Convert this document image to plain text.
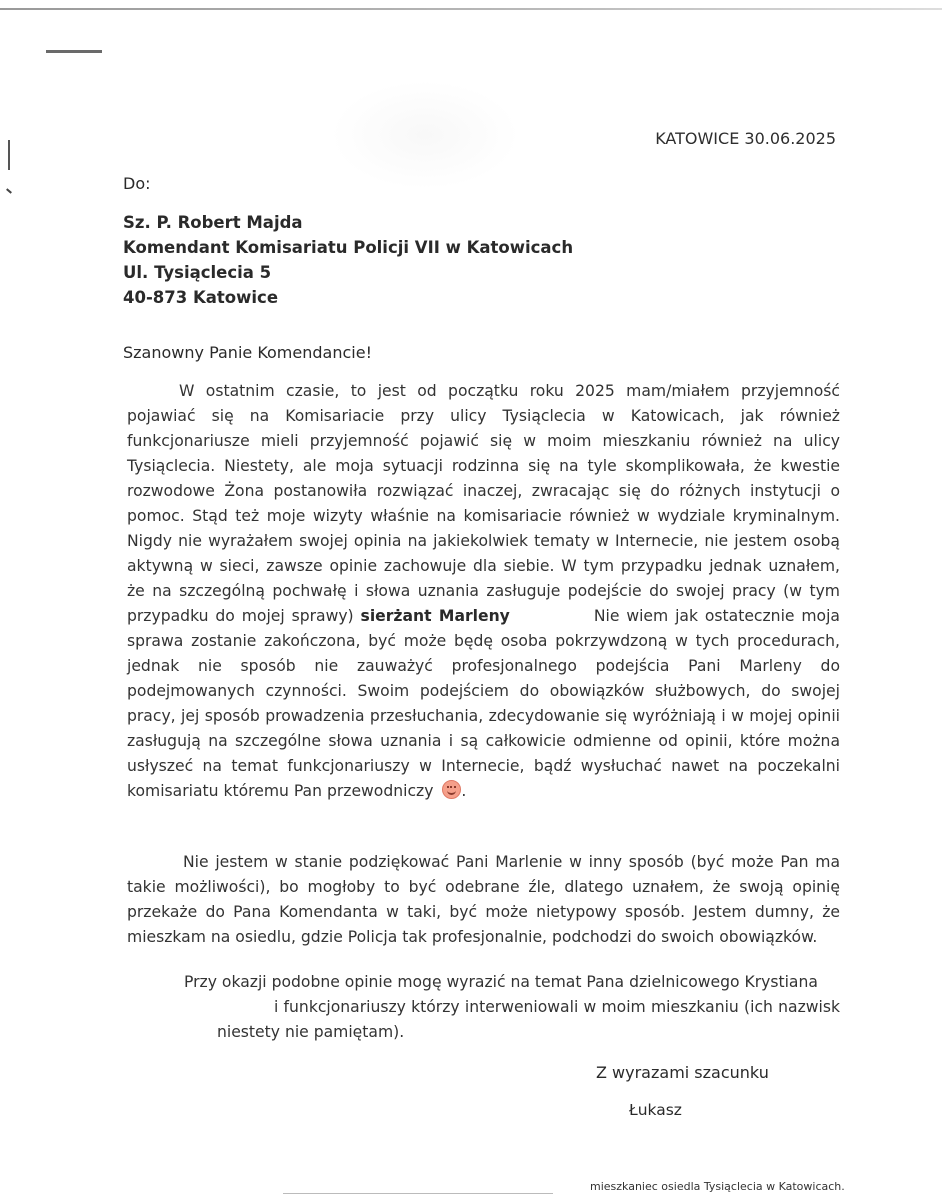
KATOWICE 30.06.2025
Do:
Sz. P. Robert Majda
Komendant Komisariatu Policji VII w Katowicach
Ul. Tysiąclecia 5
40-873 Katowice
Szanowny Panie Komendancie!
W ostatnim czasie, to jest od początku roku 2025 mam/miałem przyjemność pojawiać się na Komisariacie przy ulicy Tysiąclecia w Katowicach, jak również funkcjonariusze mieli przyjemność pojawić się w moim mieszkaniu również na ulicy Tysiąclecia. Niestety, ale moja sytuacji rodzinna się na tyle skomplikowała, że kwestie rozwodowe Żona postanowiła rozwiązać inaczej, zwracając się do różnych instytucji o pomoc. Stąd też moje wizyty właśnie na komisariacie również w wydziale kryminalnym. Nigdy nie wyrażałem swojej opinia na jakiekolwiek tematy w Internecie, nie jestem osobą aktywną w sieci, zawsze opinie zachowuje dla siebie. W tym przypadku jednak uznałem, że na szczególną pochwałę i słowa uznania zasługuje podejście do swojej pracy (w tym przypadku do mojej sprawy) sierżant Marleny	Nie wiem jak ostatecznie moja sprawa zostanie zakończona, być może będę osoba pokrzywdzoną w tych procedurach, jednak nie sposób nie zauważyć profesjonalnego podejścia Pani Marleny do podejmowanych czynności. Swoim podejściem do obowiązków służbowych, do swojej pracy, jej sposób prowadzenia przesłuchania, zdecydowanie się wyróżniają i w mojej opinii zasługują na szczególne słowa uznania i są całkowicie odmienne od opinii, które można usłyszeć na temat funkcjonariuszy w Internecie, bądź wysłuchać nawet na poczekalni komisariatu któremu Pan przewodniczy .
Nie jestem w stanie podziękować Pani Marlenie w inny sposób (być może Pan ma takie możliwości), bo mogłoby to być odebrane źle, dlatego uznałem, że swoją opinię przekaże do Pana Komendanta w taki, być może nietypowy sposób. Jestem dumny, że mieszkam na osiedlu, gdzie Policja tak profesjonalnie, podchodzi do swoich obowiązków.
Przy okazji podobne opinie mogę wyrazić na temat Pana dzielnicowego Krystiana
i funkcjonariuszy którzy interweniowali w moim mieszkaniu (ich nazwisk niestety nie pamiętam).
Z wyrazami szacunku
Łukasz
mieszkaniec osiedla Tysiąclecia w Katowicach.
